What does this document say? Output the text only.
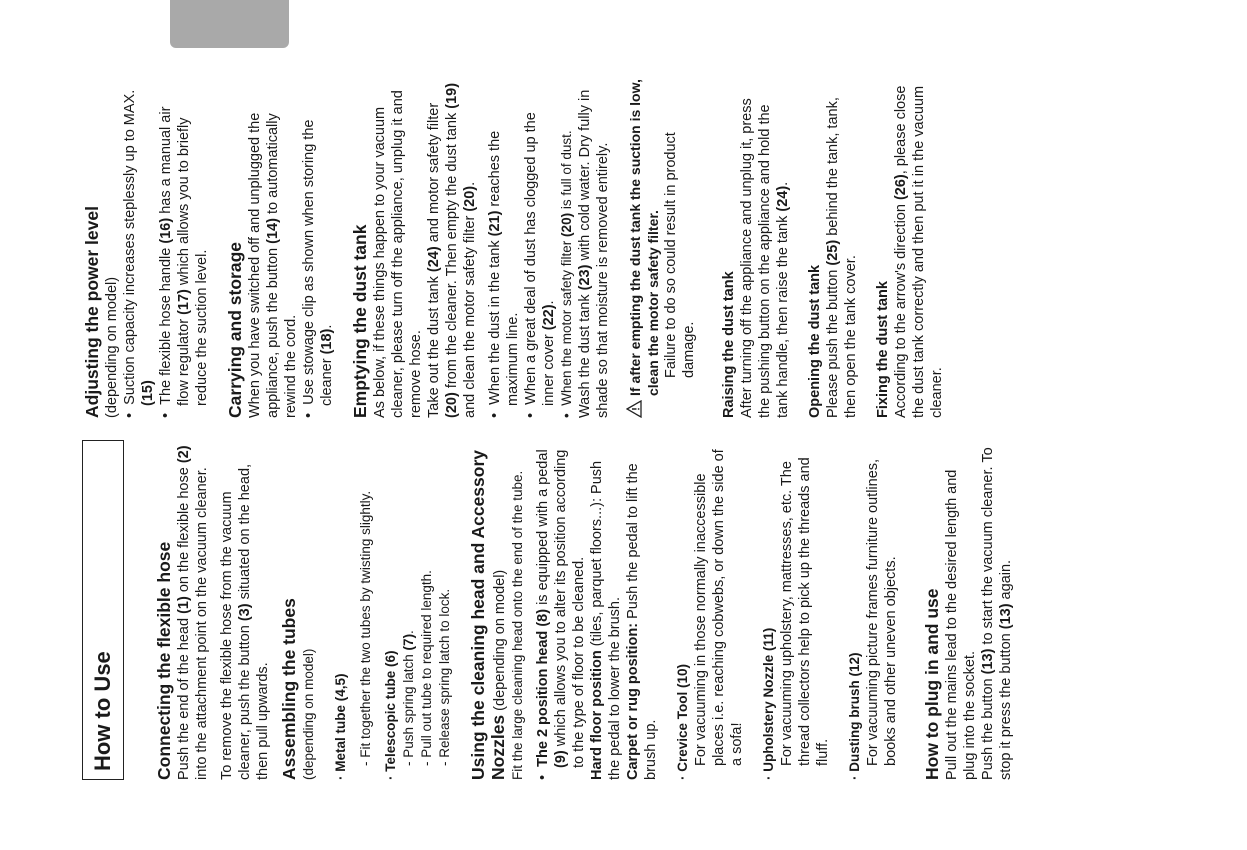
How to Use	Connecting the flexible hose Push the end of the head (1) on the flexible hose (2) into the attachment point on the vacuum cleaner. To remove the flexible hose from the vacuum cleaner, push the button (3) situated on the head, then pull upwards. Assembling the tubes (depending on model) · Metal tube (4,5) - Fit together the two tubes by twisting slightly. · Telescopic tube (6) - Push spring latch (7). - Pull out tube to required length. - Release spring latch to lock. Using the cleaning head and Accessory Nozzles (depending on model) Fit the large cleaning head onto the end of the tube. •  The 2 position head (8) is equipped with a pedal (9) which allows you to alter its position according to the type of floor to be cleaned. Hard floor position (tiles, parquet floors...): Push the pedal to lower the brush. Carpet or rug position: Push the pedal to lift the brush up. · Crevice Tool (10) For vacuuming in those normally inaccessible places i.e. reaching cobwebs, or down the side of a sofa! · Upholstery Nozzle (11) For vacuuming upholstery, mattresses, etc. The thread collectors help to pick up the threads and fluff. · Dusting brush (12) For vacuuming picture frames furniture outlines, books and other uneven objects. How to plug in and use Pull out the mains lead to the desired length and plug into the socket. Push the button (13) to start the vacuum cleaner. To stop it press the button (13) again.

Adjusting the power level (depending on model) •  Suction capacity increases steplessly up to MAX. (15) •  The flexible hose handle (16) has a manual air flow regulator (17) which allows you to briefly reduce the suction level. Carrying and storage When you have switched off and unplugged the appliance, push the button (14) to automatically rewind the cord. •  Use stowage clip as shown when storing the cleaner (18). Emptying the dust tank As below, if these things happen to your vacuum cleaner, please turn off the appliance, unplug it and remove hose. Take out the dust tank (24) and motor safety filter (20) from the cleaner. Then empty the dust tank (19) and clean the motor safety filter (20).

•  When the dust in the tank (21) reaches the maximum line. •  When a great deal of dust has clogged up the inner cover (22). •  When the motor safety filter (20) is full of dust.

Wash the dust tank (23) with cold water. Dry fully in shade so that moisture is removed entirely. If after empting the dust tank the suction is low, clean the motor safety filter. Failure to do so could result in product damage. Raising the dust tank After turning off the appliance and unplug it, press the pushing button on the appliance and hold the tank handle, then raise the tank (24).

Opening the dust tank Please push the button (25) behind the tank, tank, then open the tank cover. Fixing the dust tank According to the arrow's direction (26), please close the dust tank correctly and then put it in the vacuum cleaner.
